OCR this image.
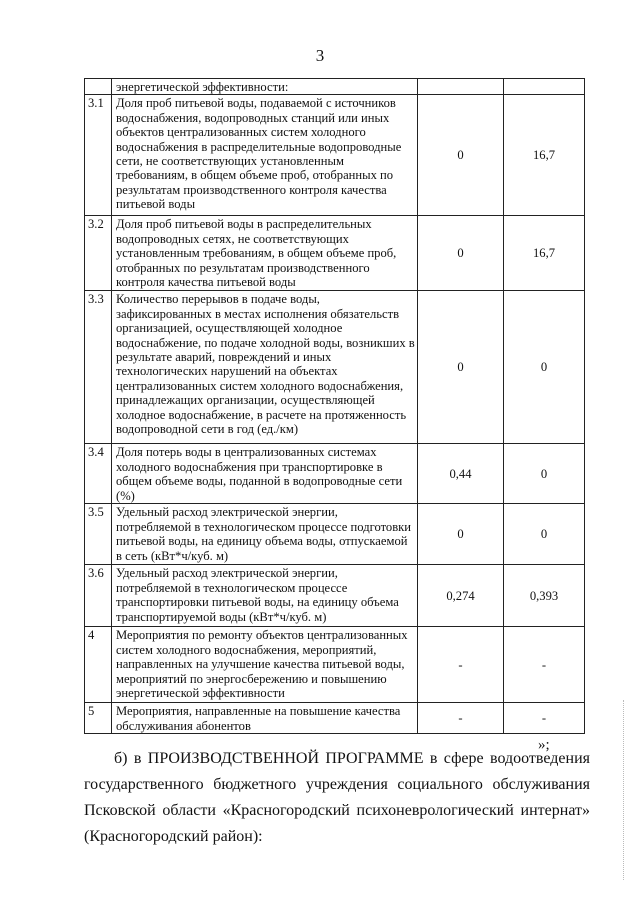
3
	энергетической эффективности:		
3.1	Доля проб питьевой воды, подаваемой с источников водоснабжения, водопроводных станций или иных объектов централизованных систем холодного водоснабжения в распределительные водопроводные сети, не соответствующих установленным требованиям, в общем объеме проб, отобранных по результатам производственного контроля качества питьевой воды	0	16,7
3.2	Доля проб питьевой воды в распределительных водопроводных сетях, не соответствующих установленным требованиям, в общем объеме проб, отобранных по результатам производственного контроля качества питьевой воды	0	16,7
3.3	Количество перерывов в подаче воды, зафиксированных в местах исполнения обязательств организацией, осуществляющей холодное водоснабжение, по подаче холодной воды, возникших в результате аварий, повреждений и иных технологических нарушений на объектах централизованных систем холодного водоснабжения, принадлежащих организации, осуществляющей холодное водоснабжение, в расчете на протяженность водопроводной сети в год (ед./км)	0	0
3.4	Доля потерь воды в централизованных системах холодного водоснабжения при транспортировке в общем объеме воды, поданной в водопроводные сети (%)	0,44	0
3.5	Удельный расход электрической энергии, потребляемой в технологическом процессе подготовки питьевой воды, на единицу объема воды, отпускаемой в сеть (кВт*ч/куб. м)	0	0
3.6	Удельный расход электрической энергии, потребляемой в технологическом процессе транспортировки питьевой воды, на единицу объема транспортируемой воды (кВт*ч/куб. м)	0,274	0,393
4	Мероприятия по ремонту объектов централизованных систем холодного водоснабжения, мероприятий, направленных на улучшение качества питьевой воды, мероприятий по энергосбережению и повышению энергетической эффективности	-	-
5	Мероприятия, направленные на повышение качества обслуживания абонентов	-	-
»;
б) в ПРОИЗВОДСТВЕННОЙ ПРОГРАММЕ в сфере водоотведения государственного бюджетного учреждения социального обслуживания Псковской области «Красногородский психоневрологический интернат» (Красногородский район):
